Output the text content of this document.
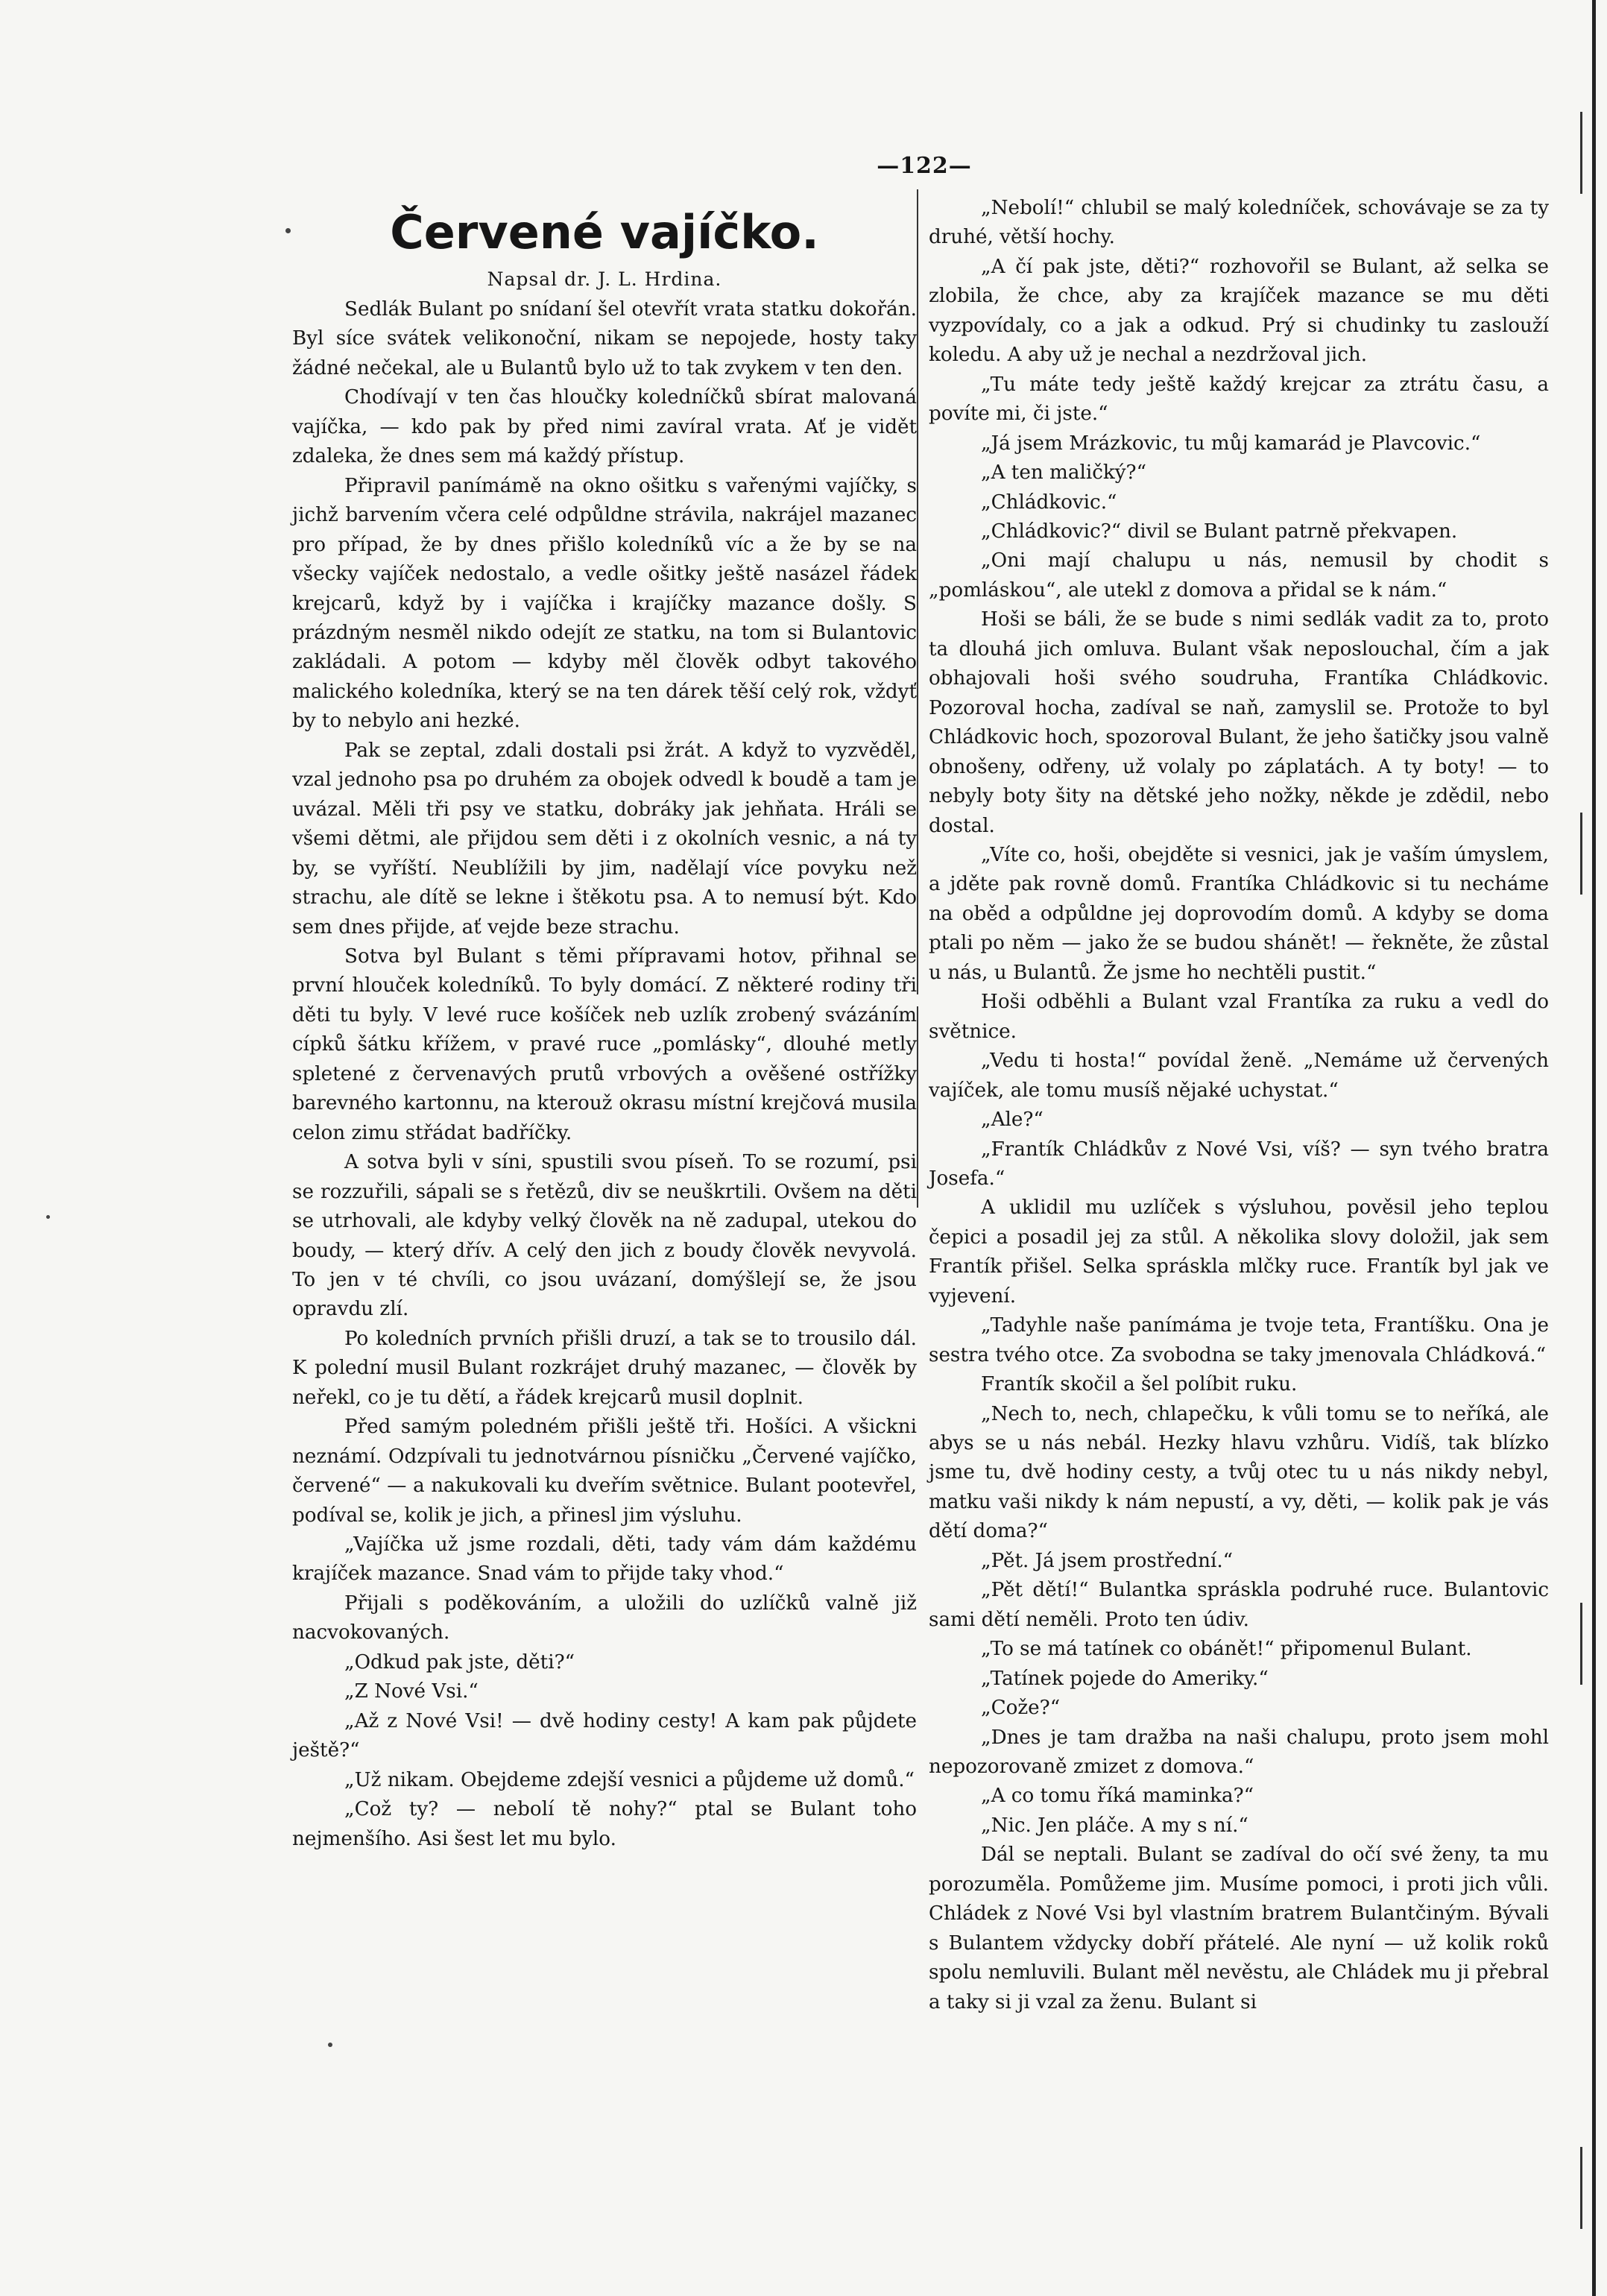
—122—
Červené vajíčko.
Napsal dr. J. L. Hrdina.

Sedlák Bulant po snídaní šel otevřít vrata statku dokořán. Byl síce svátek velikonoční, nikam se nepojede, hosty taky žádné nečekal, ale u Bulantů bylo už to tak zvykem v ten den.

Chodívají v ten čas hloučky koledníčků sbírat malovaná vajíčka, — kdo pak by před nimi zavíral vrata. Ať je vidět zdaleka, že dnes sem má každý přístup.

Připravil panímámě na okno ošitku s vařenými vajíčky, s jichž barvením včera celé odpůldne strávila, nakrájel mazanec pro případ, že by dnes přišlo koledníků víc a že by se na všecky vajíček nedostalo, a vedle ošitky ještě nasázel řádek krejcarů, když by i vajíčka i krajíčky mazance došly. S prázdným nesměl nikdo odejít ze statku, na tom si Bulantovic zakládali. A potom — kdyby měl člověk odbyt takového malického koledníka, který se na ten dárek těší celý rok, vždyť by to nebylo ani hezké.

Pak se zeptal, zdali dostali psi žrát. A když to vyzvěděl, vzal jednoho psa po druhém za obojek odvedl k boudě a tam je uvázal. Měli tři psy ve statku, dobráky jak jehňata. Hráli se všemi dětmi, ale přijdou sem děti i z okolních vesnic, a ná ty by, se vyříští. Neublížili by jim, nadělají více povyku než strachu, ale dítě se lekne i štěkotu psa. A to nemusí být. Kdo sem dnes přijde, ať vejde beze strachu.

Sotva byl Bulant s těmi přípravami hotov, přihnal se první hlouček koledníků. To byly domácí. Z některé rodiny tři děti tu byly. V levé ruce košíček neb uzlík zrobený svázáním cípků šátku křížem, v pravé ruce „pomlásky“, dlouhé metly spletené z červenavých prutů vrbových a ověšené ostřížky barevného kartonnu, na kterouž okrasu místní krejčová musila celon zimu střádat badříčky.

A sotva byli v síni, spustili svou píseň. To se rozumí, psi se rozzuřili, sápali se s řetězů, div se neuškrtili. Ovšem na děti se utrhovali, ale kdyby velký člověk na ně zadupal, utekou do boudy, — který dřív. A celý den jich z boudy člověk nevyvolá. To jen v té chvíli, co jsou uvázaní, domýšlejí se, že jsou opravdu zlí.

Po koledních prvních přišli druzí, a tak se to trousilo dál. K polední musil Bulant rozkrájet druhý mazanec, — člověk by neřekl, co je tu dětí, a řádek krejcarů musil doplnit.

Před samým poledném přišli ještě tři. Hošíci. A všickni neznámí. Odzpívali tu jednotvárnou písničku „Červené vajíčko, červené“ — a nakukovali ku dveřím světnice. Bulant pootevřel, podíval se, kolik je jich, a přinesl jim výsluhu.

„Vajíčka už jsme rozdali, děti, tady vám dám každému krajíček mazance. Snad vám to přijde taky vhod.“

Přijali s poděkováním, a uložili do uzlíčků valně již nacvokovaných.

„Odkud pak jste, děti?“

„Z Nové Vsi.“

„Až z Nové Vsi! — dvě hodiny cesty! A kam pak půjdete ještě?“

„Už nikam. Obejdeme zdejší vesnici a půjdeme už domů.“

„Což ty? — nebolí tě nohy?“ ptal se Bulant toho nejmenšího. Asi šest let mu bylo.

„Nebolí!“ chlubil se malý koledníček, schovávaje se za ty druhé, větší hochy.

„A čí pak jste, děti?“ rozhovořil se Bulant, až selka se zlobila, že chce, aby za krajíček mazance se mu děti vyzpovídaly, co a jak a odkud. Prý si chudinky tu zaslouží koledu. A aby už je nechal a nezdržoval jich.

„Tu máte tedy ještě každý krejcar za ztrátu času, a povíte mi, či jste.“

„Já jsem Mrázkovic, tu můj kamarád je Plavcovic.“

„A ten maličký?“

„Chládkovic.“

„Chládkovic?“ divil se Bulant patrně překvapen.

„Oni mají chalupu u nás, nemusil by chodit s „pomláskou“, ale utekl z domova a přidal se k nám.“

Hoši se báli, že se bude s nimi sedlák vadit za to, proto ta dlouhá jich omluva. Bulant však neposlouchal, čím a jak obhajovali hoši svého soudruha, Frantíka Chládkovic. Pozoroval hocha, zadíval se naň, zamyslil se. Protože to byl Chládkovic hoch, spozoroval Bulant, že jeho šatičky jsou valně obnošeny, odřeny, už volaly po záplatách. A ty boty! — to nebyly boty šity na dětské jeho nožky, někde je zdědil, nebo dostal.

„Víte co, hoši, obejděte si vesnici, jak je vaším úmyslem, a jděte pak rovně domů. Frantíka Chládkovic si tu necháme na oběd a odpůldne jej doprovodím domů. A kdyby se doma ptali po něm — jako že se budou shánět! — řekněte, že zůstal u nás, u Bulantů. Že jsme ho nechtěli pustit.“

Hoši odběhli a Bulant vzal Frantíka za ruku a vedl do světnice.

„Vedu ti hosta!“ povídal ženě. „Nemáme už červených vajíček, ale tomu musíš nějaké uchystat.“

„Ale?“

„Frantík Chládkův z Nové Vsi, víš? — syn tvého bratra Josefa.“

A uklidil mu uzlíček s výsluhou, pověsil jeho teplou čepici a posadil jej za stůl. A několika slovy doložil, jak sem Frantík přišel. Selka spráskla mlčky ruce. Frantík byl jak ve vyjevení.

„Tadyhle naše panímáma je tvoje teta, Frantíšku. Ona je sestra tvého otce. Za svobodna se taky jmenovala Chládková.“

Frantík skočil a šel políbit ruku.

„Nech to, nech, chlapečku, k vůli tomu se to neříká, ale abys se u nás nebál. Hezky hlavu vzhůru. Vidíš, tak blízko jsme tu, dvě hodiny cesty, a tvůj otec tu u nás nikdy nebyl, matku vaši nikdy k nám nepustí, a vy, děti, — kolik pak je vás dětí doma?“

„Pět. Já jsem prostřední.“

„Pět dětí!“ Bulantka spráskla podruhé ruce. Bulantovic sami dětí neměli. Proto ten údiv.

„To se má tatínek co obánět!“ připomenul Bulant.

„Tatínek pojede do Ameriky.“

„Cože?“

„Dnes je tam dražba na naši chalupu, proto jsem mohl nepozorovaně zmizet z domova.“

„A co tomu říká maminka?“

„Nic. Jen pláče. A my s ní.“

Dál se neptali. Bulant se zadíval do očí své ženy, ta mu porozuměla. Pomůžeme jim. Musíme pomoci, i proti jich vůli. Chládek z Nové Vsi byl vlastním bratrem Bulantčiným. Bývali s Bulantem vždycky dobří přátelé. Ale nyní — už kolik roků spolu nemluvili. Bulant měl nevěstu, ale Chládek mu ji přebral a taky si ji vzal za ženu. Bulant si
